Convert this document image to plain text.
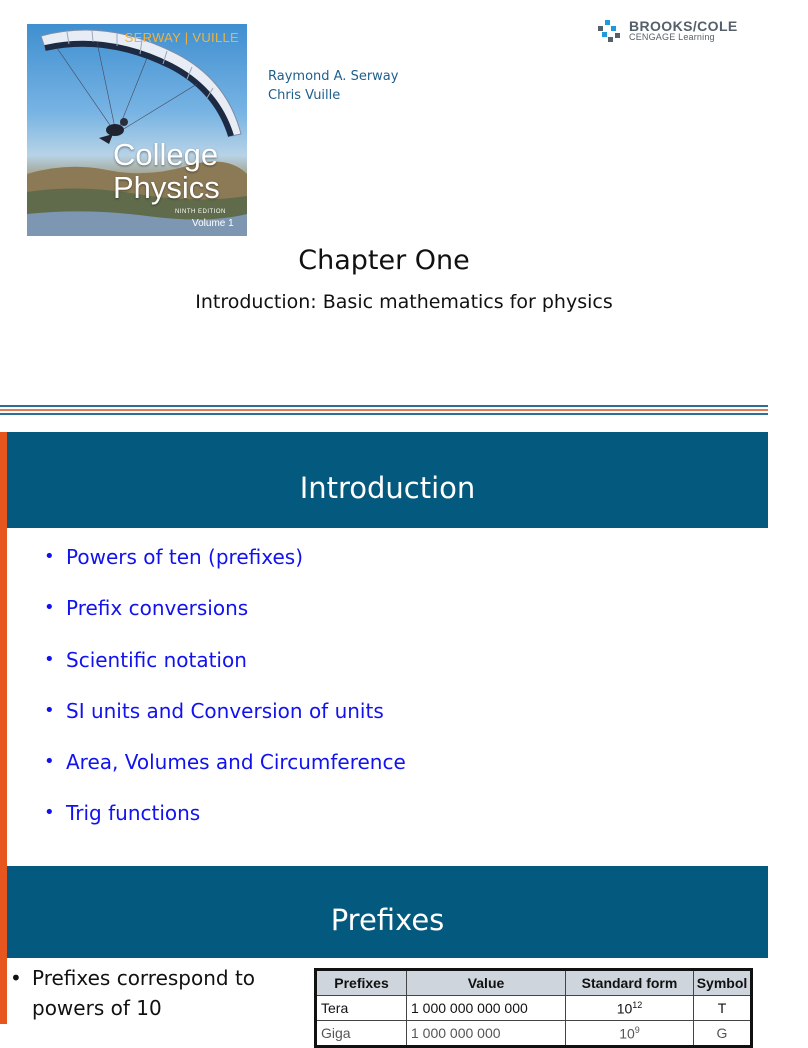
SERWAY | VUILLE
College
Physics
NINTH EDITION
Volume 1
Raymond A. Serway
Chris Vuille
BROOKS/COLE
CENGAGE Learning
Chapter One
Introduction: Basic mathematics for physics
Introduction
• Powers of ten (prefixes)
• Prefix conversions
• Scientific notation
• SI units and Conversion of units
• Area, Volumes and Circumference
• Trig functions
Prefixes
• Prefixes correspond to powers of 10
Prefixes	Value	Standard form	Symbol
Tera	1 000 000 000 000	$10^{12}$	T
Giga	1 000 000 000	$10^9$	G
